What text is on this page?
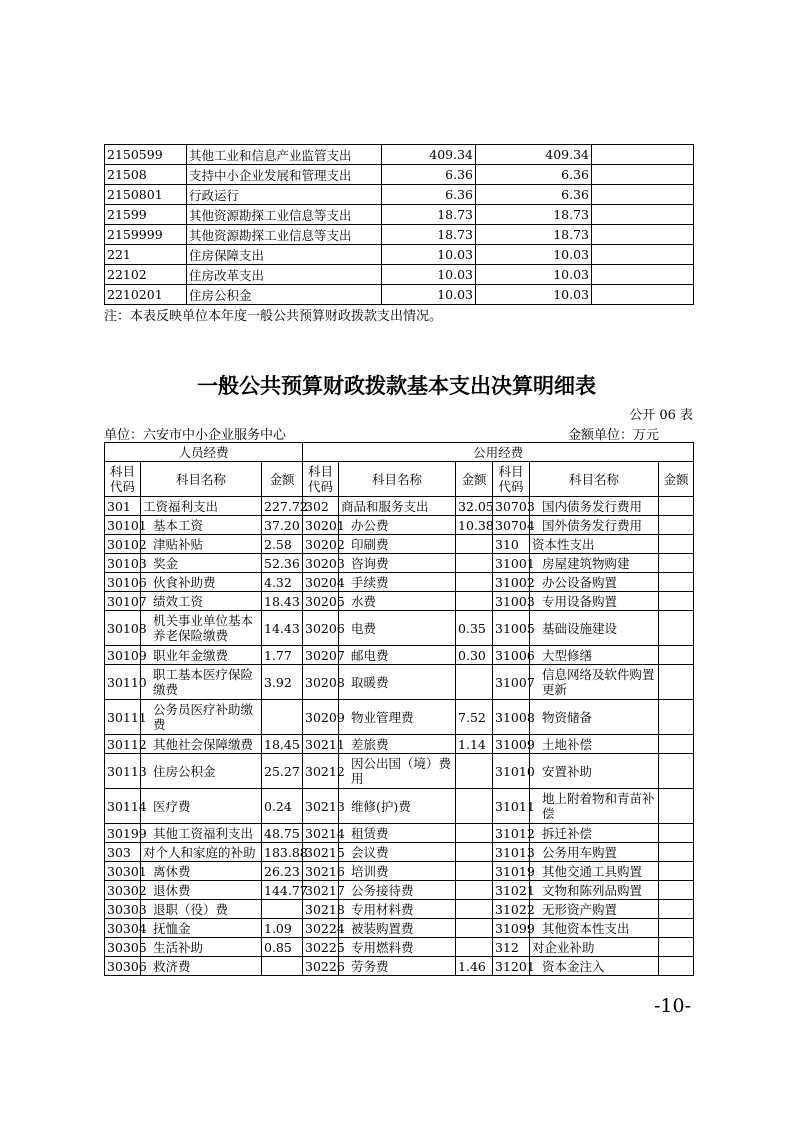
2150599	其他工业和信息产业监管支出	409.34	409.34	
21508	支持中小企业发展和管理支出	6.36	6.36	
2150801	行政运行	6.36	6.36	
21599	其他资源勘探工业信息等支出	18.73	18.73	
2159999	其他资源勘探工业信息等支出	18.73	18.73	
221	住房保障支出	10.03	10.03	
22102	住房改革支出	10.03	10.03	
2210201	住房公积金	10.03	10.03	
注：本表反映单位本年度一般公共预算财政拨款支出情况。
一般公共预算财政拨款基本支出决算明细表
公开 06 表
单位：六安市中小企业服务中心	金额单位：万元
人员经费			公用经费					
科目代码	科目名称	金额	科目代码	科目名称	金额	科目代码	科目名称	金额
301	工资福利支出	227.72	302	商品和服务支出	32.05	30703	国内债务发行费用	
30101	基本工资	37.20	30201	办公费	10.38	30704	国外债务发行费用	
30102	津贴补贴	2.58	30202	印刷费		310	资本性支出	
30103	奖金	52.36	30203	咨询费		31001	房屋建筑物购建	
30106	伙食补助费	4.32	30204	手续费		31002	办公设备购置	
30107	绩效工资	18.43	30205	水费		31003	专用设备购置	
30108	机关事业单位基本养老保险缴费	14.43	30206	电费	0.35	31005	基础设施建设	
30109	职业年金缴费	1.77	30207	邮电费	0.30	31006	大型修缮	
30110	职工基本医疗保险缴费	3.92	30208	取暖费		31007	信息网络及软件购置更新	
30111	公务员医疗补助缴费		30209	物业管理费	7.52	31008	物资储备	
30112	其他社会保障缴费	18.45	30211	差旅费	1.14	31009	土地补偿	
30113	住房公积金	25.27	30212	因公出国（境）费用		31010	安置补助	
30114	医疗费	0.24	30213	维修(护)费		31011	地上附着物和青苗补偿	
30199	其他工资福利支出	48.75	30214	租赁费		31012	拆迁补偿	
303	对个人和家庭的补助	183.88	30215	会议费		31013	公务用车购置	
30301	离休费	26.23	30216	培训费		31019	其他交通工具购置	
30302	退休费	144.77	30217	公务接待费		31021	文物和陈列品购置	
30303	退职（役）费		30218	专用材料费		31022	无形资产购置	
30304	抚恤金	1.09	30224	被装购置费		31099	其他资本性支出	
30305	生活补助	0.85	30225	专用燃料费		312	对企业补助	
30306	救济费		30226	劳务费	1.46	31201	资本金注入	
-10-
